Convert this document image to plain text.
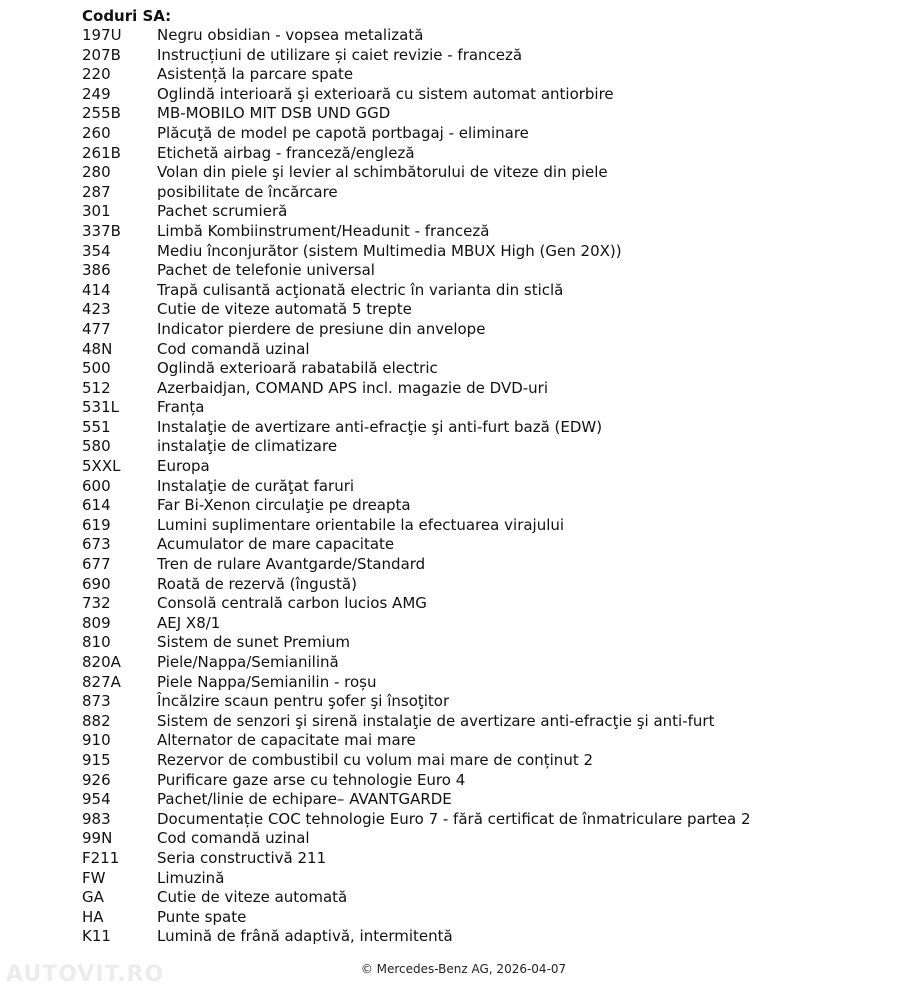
Coduri SA:
197U Negru obsidian - vopsea metalizată
207B Instrucțiuni de utilizare și caiet revizie - franceză
220	Asistență la parcare spate
249	Oglindă interioară şi exterioară cu sistem automat antiorbire
255B MB-MOBILO MIT DSB UND GGD
260	Plăcuţă de model pe capotă portbagaj - eliminare
261B Etichetă airbag - franceză/engleză
280	Volan din piele şi levier al schimbătorului de viteze din piele
287	posibilitate de încărcare
301	Pachet scrumieră
337B Limbă Kombiinstrument/Headunit - franceză
354	Mediu înconjurător (sistem Multimedia MBUX High (Gen 20X))
386	Pachet de telefonie universal
414	Trapă culisantă acţionată electric în varianta din sticlă
423	Cutie de viteze automată 5 trepte
477	Indicator pierdere de presiune din anvelope
48N	Cod comandă uzinal
500	Oglindă exterioară rabatabilă electric
512	Azerbaidjan, COMAND APS incl. magazie de DVD-uri
531L	Franța
551	Instalaţie de avertizare anti-efracţie şi anti-furt bază (EDW)
580	instalaţie de climatizare
5XXL Europa
600	Instalaţie de curăţat faruri
614	Far Bi-Xenon circulaţie pe dreapta
619	Lumini suplimentare orientabile la efectuarea virajului
673	Acumulator de mare capacitate
677	Tren de rulare Avantgarde/Standard
690	Roată de rezervă (îngustă)
732	Consolă centrală carbon lucios AMG
809	AEJ X8/1
810	Sistem de sunet Premium
820A Piele/Nappa/Semianilină
827A Piele Nappa/Semianilin - roșu
873	Încălzire scaun pentru şofer şi însoţitor
882	Sistem de senzori şi sirenă instalaţie de avertizare anti-efracţie şi anti-furt
910	Alternator de capacitate mai mare
915	Rezervor de combustibil cu volum mai mare de conținut 2
926	Purificare gaze arse cu tehnologie Euro 4
954	Pachet/linie de echipare– AVANTGARDE
983	Documentație COC tehnologie Euro 7 - fără certificat de înmatriculare partea 2
99N	Cod comandă uzinal
F211	Seria constructivă 211
FW	Limuzină
GA	Cutie de viteze automată
HA	Punte spate
K11	Lumină de frână adaptivă, intermitentă
© Mercedes-Benz AG, 2026-04-07
AUTOVIT.RO
